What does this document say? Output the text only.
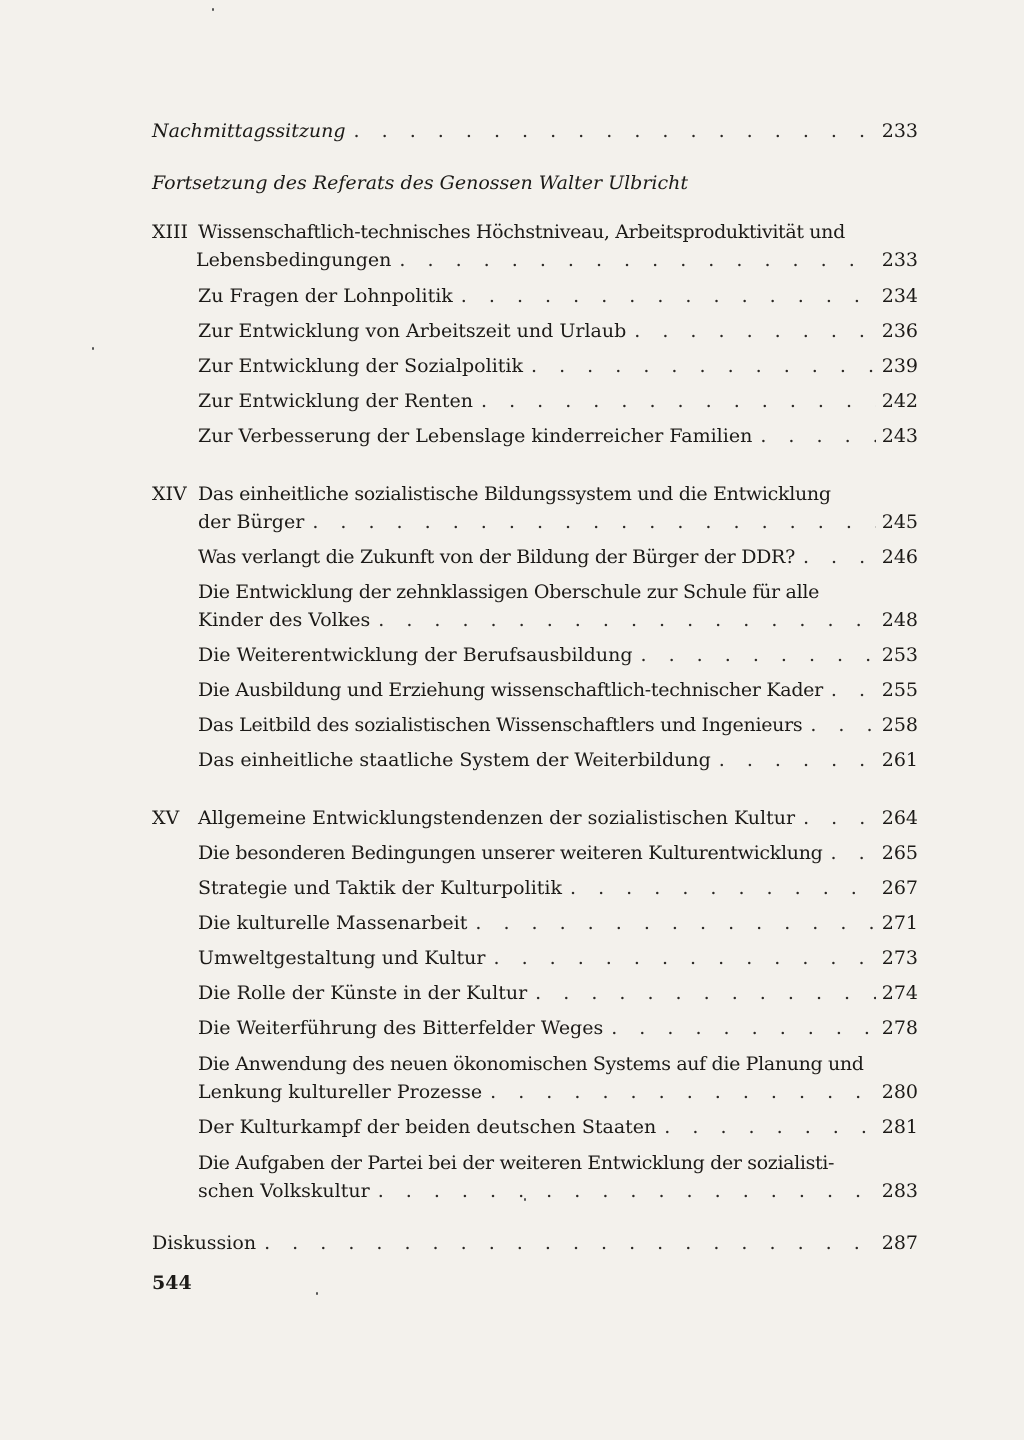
Nachmittagssitzung . . .	233
Fortsetzung des Referats des Genossen Walter Ulbricht
XIII Wissenschaftlich-technisches Höchstniveau, Arbeitsproduktivität und
Lebensbedingungen . . .	233
Zu Fragen der Lohnpolitik . . .	234
Zur Entwicklung von Arbeitszeit und Urlaub . . .	236
Zur Entwicklung der Sozialpolitik . . .	239
Zur Entwicklung der Renten . . .	242
Zur Verbesserung der Lebenslage kinderreicher Familien . . .	243
XIV Das einheitliche sozialistische Bildungssystem und die Entwicklung
der Bürger . . .	245
Was verlangt die Zukunft von der Bildung der Bürger der DDR? . . .	246
Die Entwicklung der zehnklassigen Oberschule zur Schule für alle
Kinder des Volkes . . .	248
Die Weiterentwicklung der Berufsausbildung . . .	253
Die Ausbildung und Erziehung wissenschaftlich-technischer Kader . . .	255
Das Leitbild des sozialistischen Wissenschaftlers und Ingenieurs . . .	258
Das einheitliche staatliche System der Weiterbildung . . .	261
XV Allgemeine Entwicklungstendenzen der sozialistischen Kultur . . .	264
Die besonderen Bedingungen unserer weiteren Kulturentwicklung . . .	265
Strategie und Taktik der Kulturpolitik . . .	267
Die kulturelle Massenarbeit . . .	271
Umweltgestaltung und Kultur . . .	273
Die Rolle der Künste in der Kultur . . .	274
Die Weiterführung des Bitterfelder Weges . . .	278
Die Anwendung des neuen ökonomischen Systems auf die Planung und
Lenkung kultureller Prozesse . . .	280
Der Kulturkampf der beiden deutschen Staaten . . .	281
Die Aufgaben der Partei bei der weiteren Entwicklung der sozialisti-
schen Volkskultur . . .	283
Diskussion . . .	287
544
